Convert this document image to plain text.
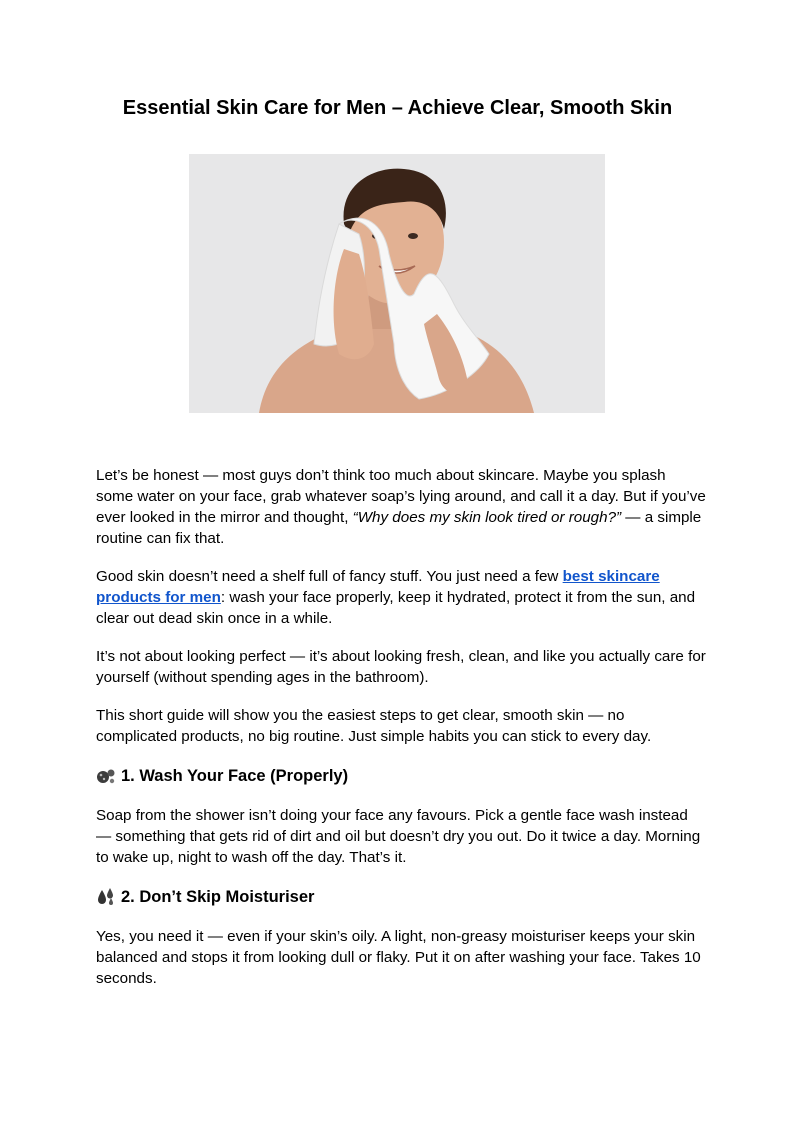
Essential Skin Care for Men – Achieve Clear, Smooth Skin

Let’s be honest — most guys don’t think too much about skincare. Maybe you splash some water on your face, grab whatever soap’s lying around, and call it a day. But if you’ve ever looked in the mirror and thought, “Why does my skin look tired or rough?” — a simple routine can fix that.

Good skin doesn’t need a shelf full of fancy stuff. You just need a few best skincare products for men: wash your face properly, keep it hydrated, protect it from the sun, and clear out dead skin once in a while.

It’s not about looking perfect — it’s about looking fresh, clean, and like you actually care for yourself (without spending ages in the bathroom).

This short guide will show you the easiest steps to get clear, smooth skin — no complicated products, no big routine. Just simple habits you can stick to every day.

1. Wash Your Face (Properly)

Soap from the shower isn’t doing your face any favours. Pick a gentle face wash instead — something that gets rid of dirt and oil but doesn’t dry you out. Do it twice a day. Morning to wake up, night to wash off the day. That’s it.

2. Don’t Skip Moisturiser

Yes, you need it — even if your skin’s oily. A light, non-greasy moisturiser keeps your skin balanced and stops it from looking dull or flaky. Put it on after washing your face. Takes 10 seconds.
